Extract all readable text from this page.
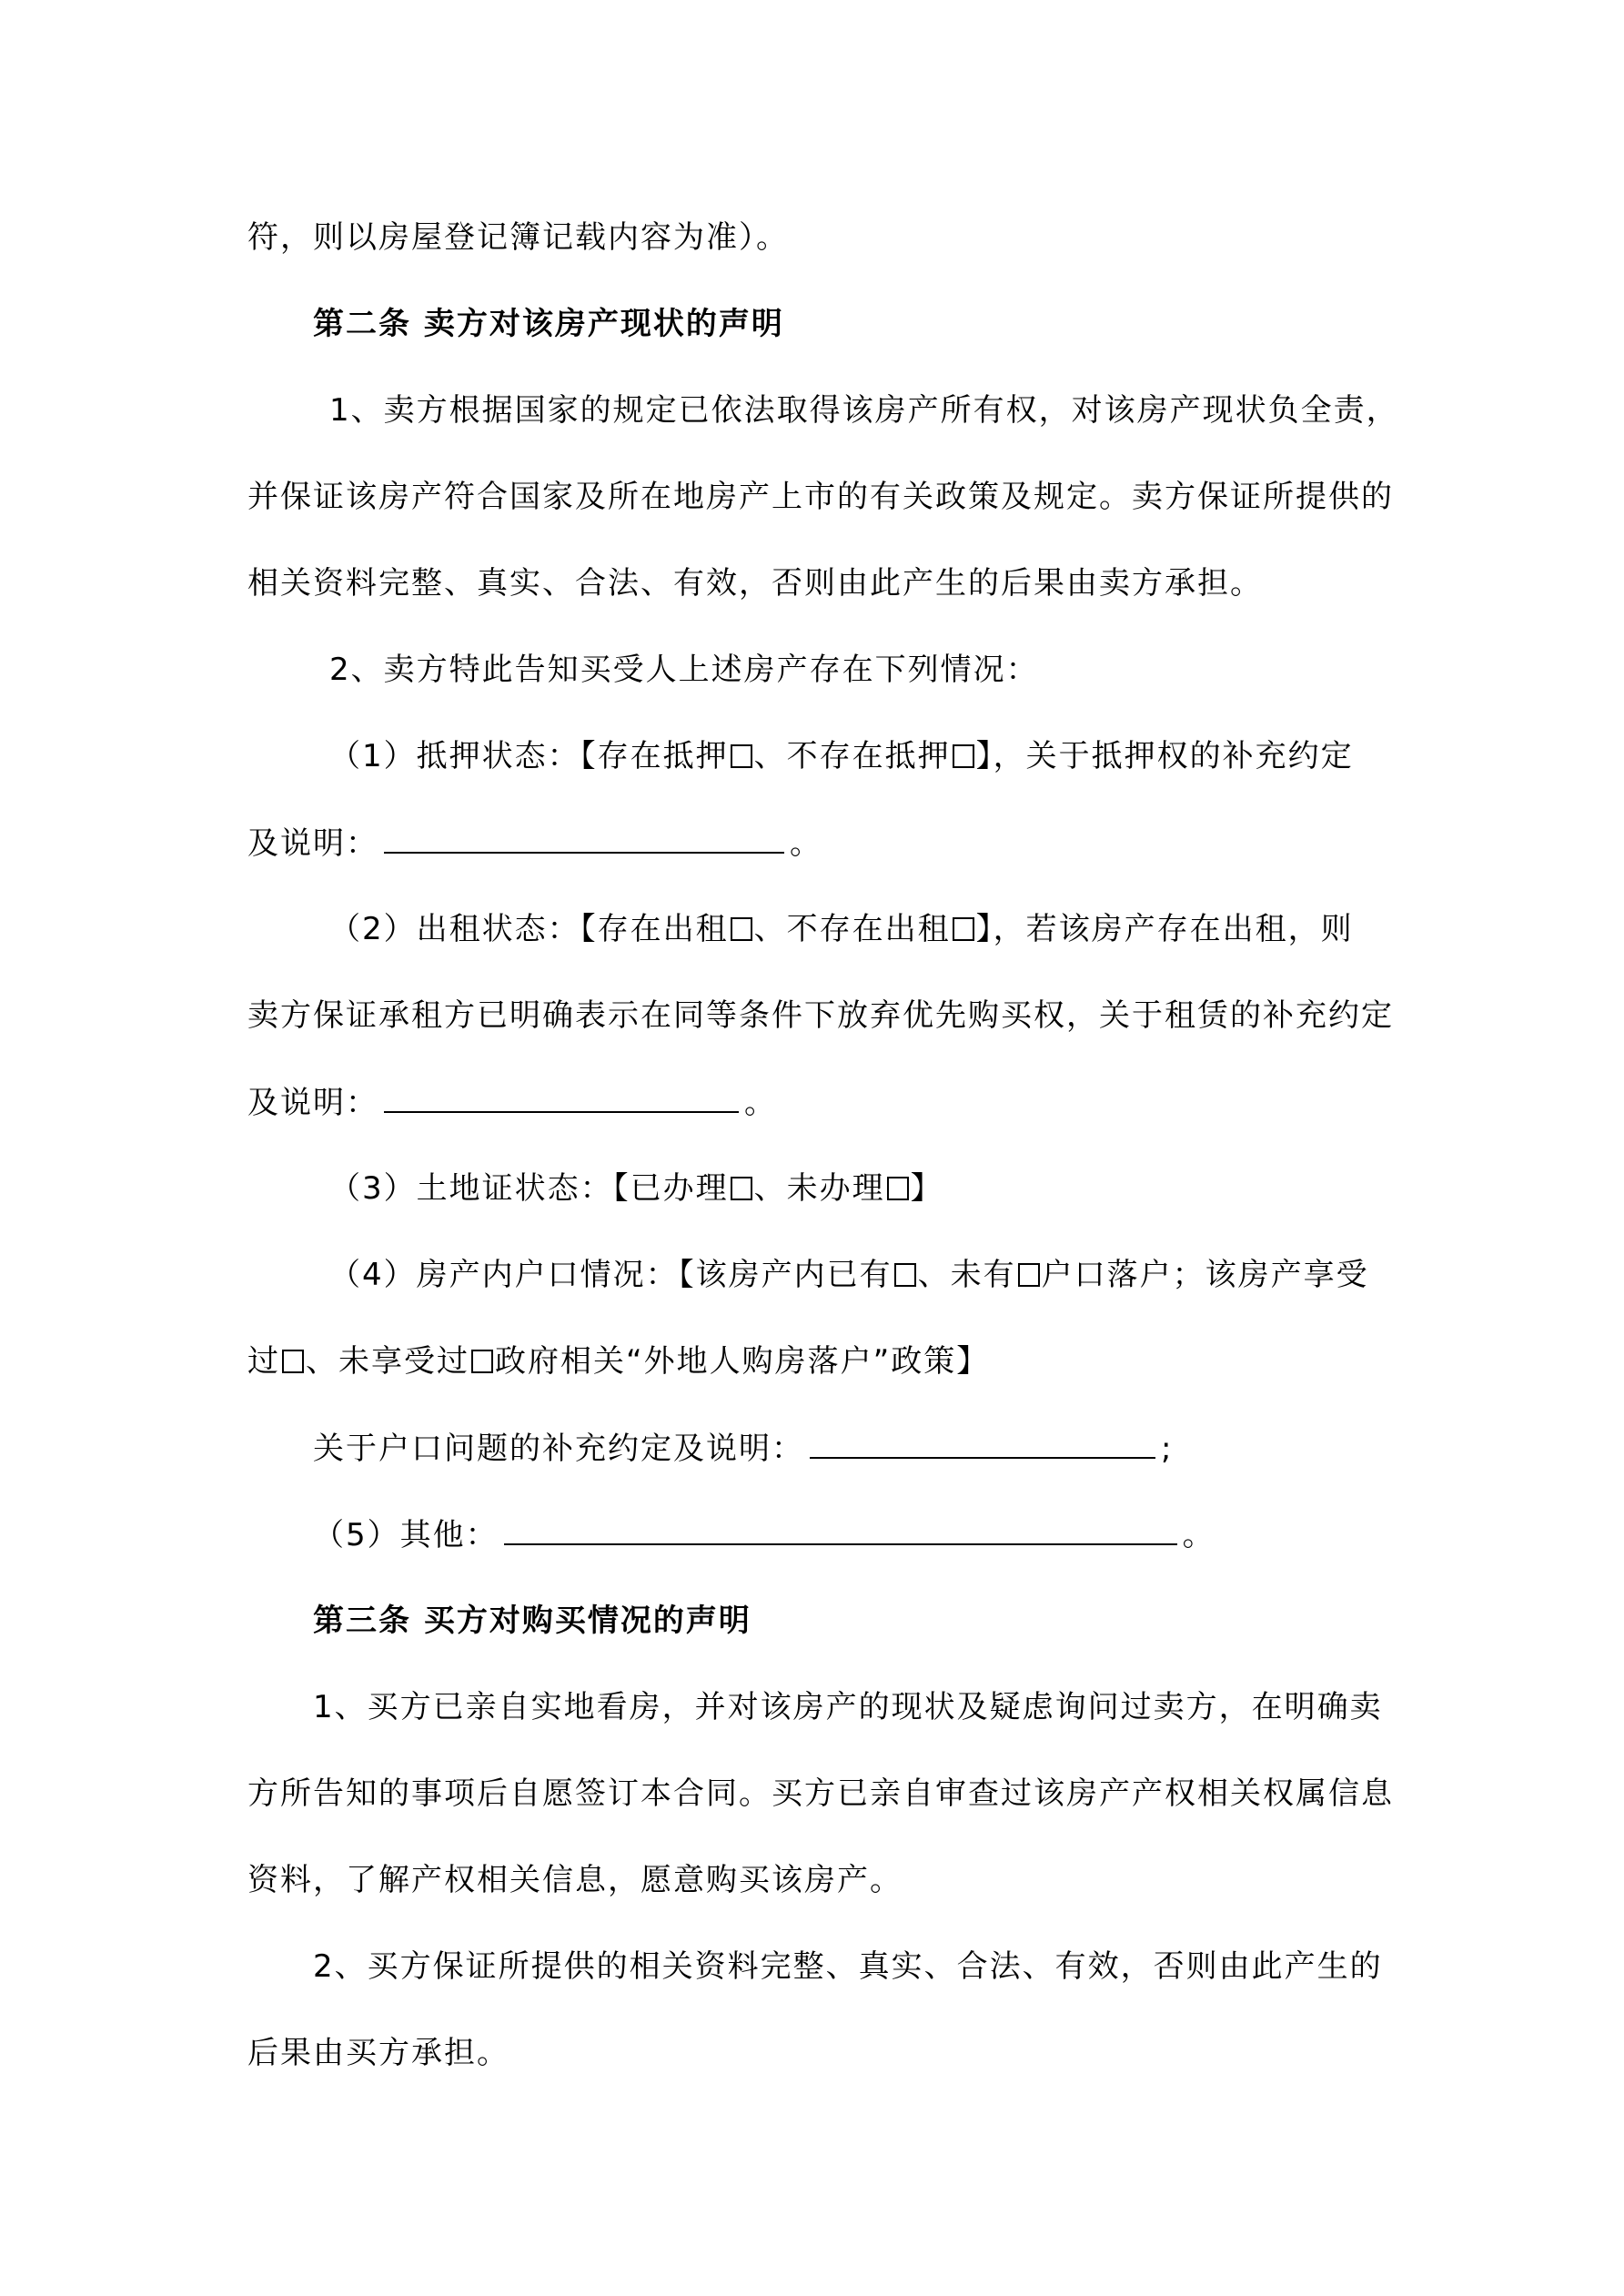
符，则以房屋登记簿记载内容为准）。
第二条 卖方对该房产现状的声明
1、卖方根据国家的规定已依法取得该房产所有权，对该房产现状负全责，
并保证该房产符合国家及所在地房产上市的有关政策及规定。卖方保证所提供的
相关资料完整、真实、合法、有效，否则由此产生的后果由卖方承担。
2、卖方特此告知买受人上述房产存在下列情况：
（1）抵押状态：【存在抵押 、不存在抵押 】，关于抵押权的补充约定
及说明：	。
（2）出租状态：【存在出租 、不存在出租 】，若该房产存在出租，则
卖方保证承租方已明确表示在同等条件下放弃优先购买权，关于租赁的补充约定
及说明：	。
（3）土地证状态：【已办理 、未办理 】
（4）房产内户口情况：【该房产内已有 、未有 户口落户；该房产享受
过 、未享受过 政府相关“外地人购房落户”政策】
关于户口问题的补充约定及说明：	;
（5）其他：	。
第三条 买方对购买情况的声明
1、买方已亲自实地看房，并对该房产的现状及疑虑询问过卖方，在明确卖
方所告知的事项后自愿签订本合同。买方已亲自审查过该房产产权相关权属信息
资料，了解产权相关信息，愿意购买该房产。
2、买方保证所提供的相关资料完整、真实、合法、有效，否则由此产生的
后果由买方承担。
